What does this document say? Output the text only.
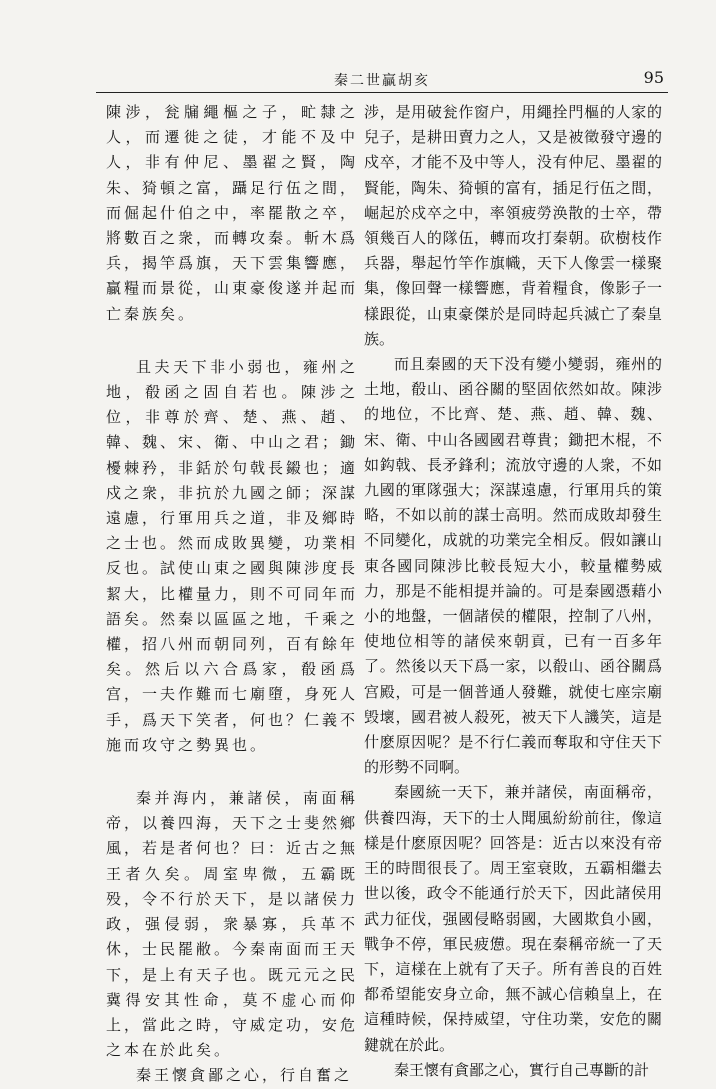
秦二世贏胡亥	95

陳涉，瓮牖繩樞之子，甿隸之人，而遷徙之徒，才能不及中人，非有仲尼、墨翟之賢，陶朱、猗頓之富，躡足行伍之間，而倔起什伯之中，率罷散之卒，將數百之衆，而轉攻秦。斬木爲兵，揭竿爲旗，天下雲集響應，贏糧而景從，山東豪俊遂并起而亡秦族矣。

且夫天下非小弱也，雍州之地，殽函之固自若也。陳涉之位，非尊於齊、楚、燕、趙、韓、魏、宋、衛、中山之君；鋤櫌棘矜，非銛於句戟長鎩也；適戍之衆，非抗於九國之師；深謀遠慮，行軍用兵之道，非及鄉時之士也。然而成敗異變，功業相反也。試使山東之國與陳涉度長絜大，比權量力，則不可同年而語矣。然秦以區區之地，千乘之權，招八州而朝同列，百有餘年矣。然后以六合爲家，殽函爲宫，一夫作難而七廟墮，身死人手，爲天下笑者，何也？仁義不施而攻守之勢異也。

秦并海内，兼諸侯，南面稱帝，以養四海，天下之士斐然鄉風，若是者何也？曰：近古之無王者久矣。周室卑微，五霸既殁，令不行於天下，是以諸侯力政，强侵弱，衆暴寡，兵革不休，士民罷敝。今秦南面而王天下，是上有天子也。既元元之民冀得安其性命，莫不虚心而仰上，當此之時，守威定功，安危之本在於此矣。

秦王懷貪鄙之心，行自奮之

涉，是用破瓮作窗户，用繩拴門樞的人家的兒子，是耕田賣力之人，又是被徵發守邊的戍卒，才能不及中等人，没有仲尼、墨翟的賢能，陶朱、猗頓的富有，插足行伍之間，崛起於戍卒之中，率領疲勞涣散的士卒，帶領幾百人的隊伍，轉而攻打秦朝。砍樹枝作兵器，舉起竹竿作旗幟，天下人像雲一樣聚集，像回聲一樣響應，背着糧食，像影子一樣跟從，山東豪傑於是同時起兵滅亡了秦皇族。

而且秦國的天下没有變小變弱，雍州的土地，殽山、函谷關的堅固依然如故。陳涉的地位，不比齊、楚、燕、趙、韓、魏、宋、衛、中山各國國君尊貴；鋤把木棍，不如鈎戟、長矛鋒利；流放守邊的人衆，不如九國的軍隊强大；深謀遠慮，行軍用兵的策略，不如以前的謀士高明。然而成敗却發生不同變化，成就的功業完全相反。假如讓山東各國同陳涉比較長短大小，較量權勢威力，那是不能相提并論的。可是秦國憑藉小小的地盤，一個諸侯的權限，控制了八州，使地位相等的諸侯來朝貢，已有一百多年了。然後以天下爲一家，以殽山、函谷關爲宫殿，可是一個普通人發難，就使七座宗廟毁壞，國君被人殺死，被天下人譏笑，這是什麽原因呢？是不行仁義而奪取和守住天下的形勢不同啊。

秦國統一天下，兼并諸侯，南面稱帝，供養四海，天下的士人聞風紛紛前往，像這樣是什麽原因呢？回答是：近古以來没有帝王的時間很長了。周王室衰敗，五霸相繼去世以後，政令不能通行於天下，因此諸侯用武力征伐，强國侵略弱國，大國欺負小國，戰争不停，軍民疲憊。現在秦稱帝統一了天下，這樣在上就有了天子。所有善良的百姓都希望能安身立命，無不誠心信賴皇上，在這種時候，保持威望，守住功業，安危的關鍵就在於此。

秦王懷有貪鄙之心，實行自己專斷的計
